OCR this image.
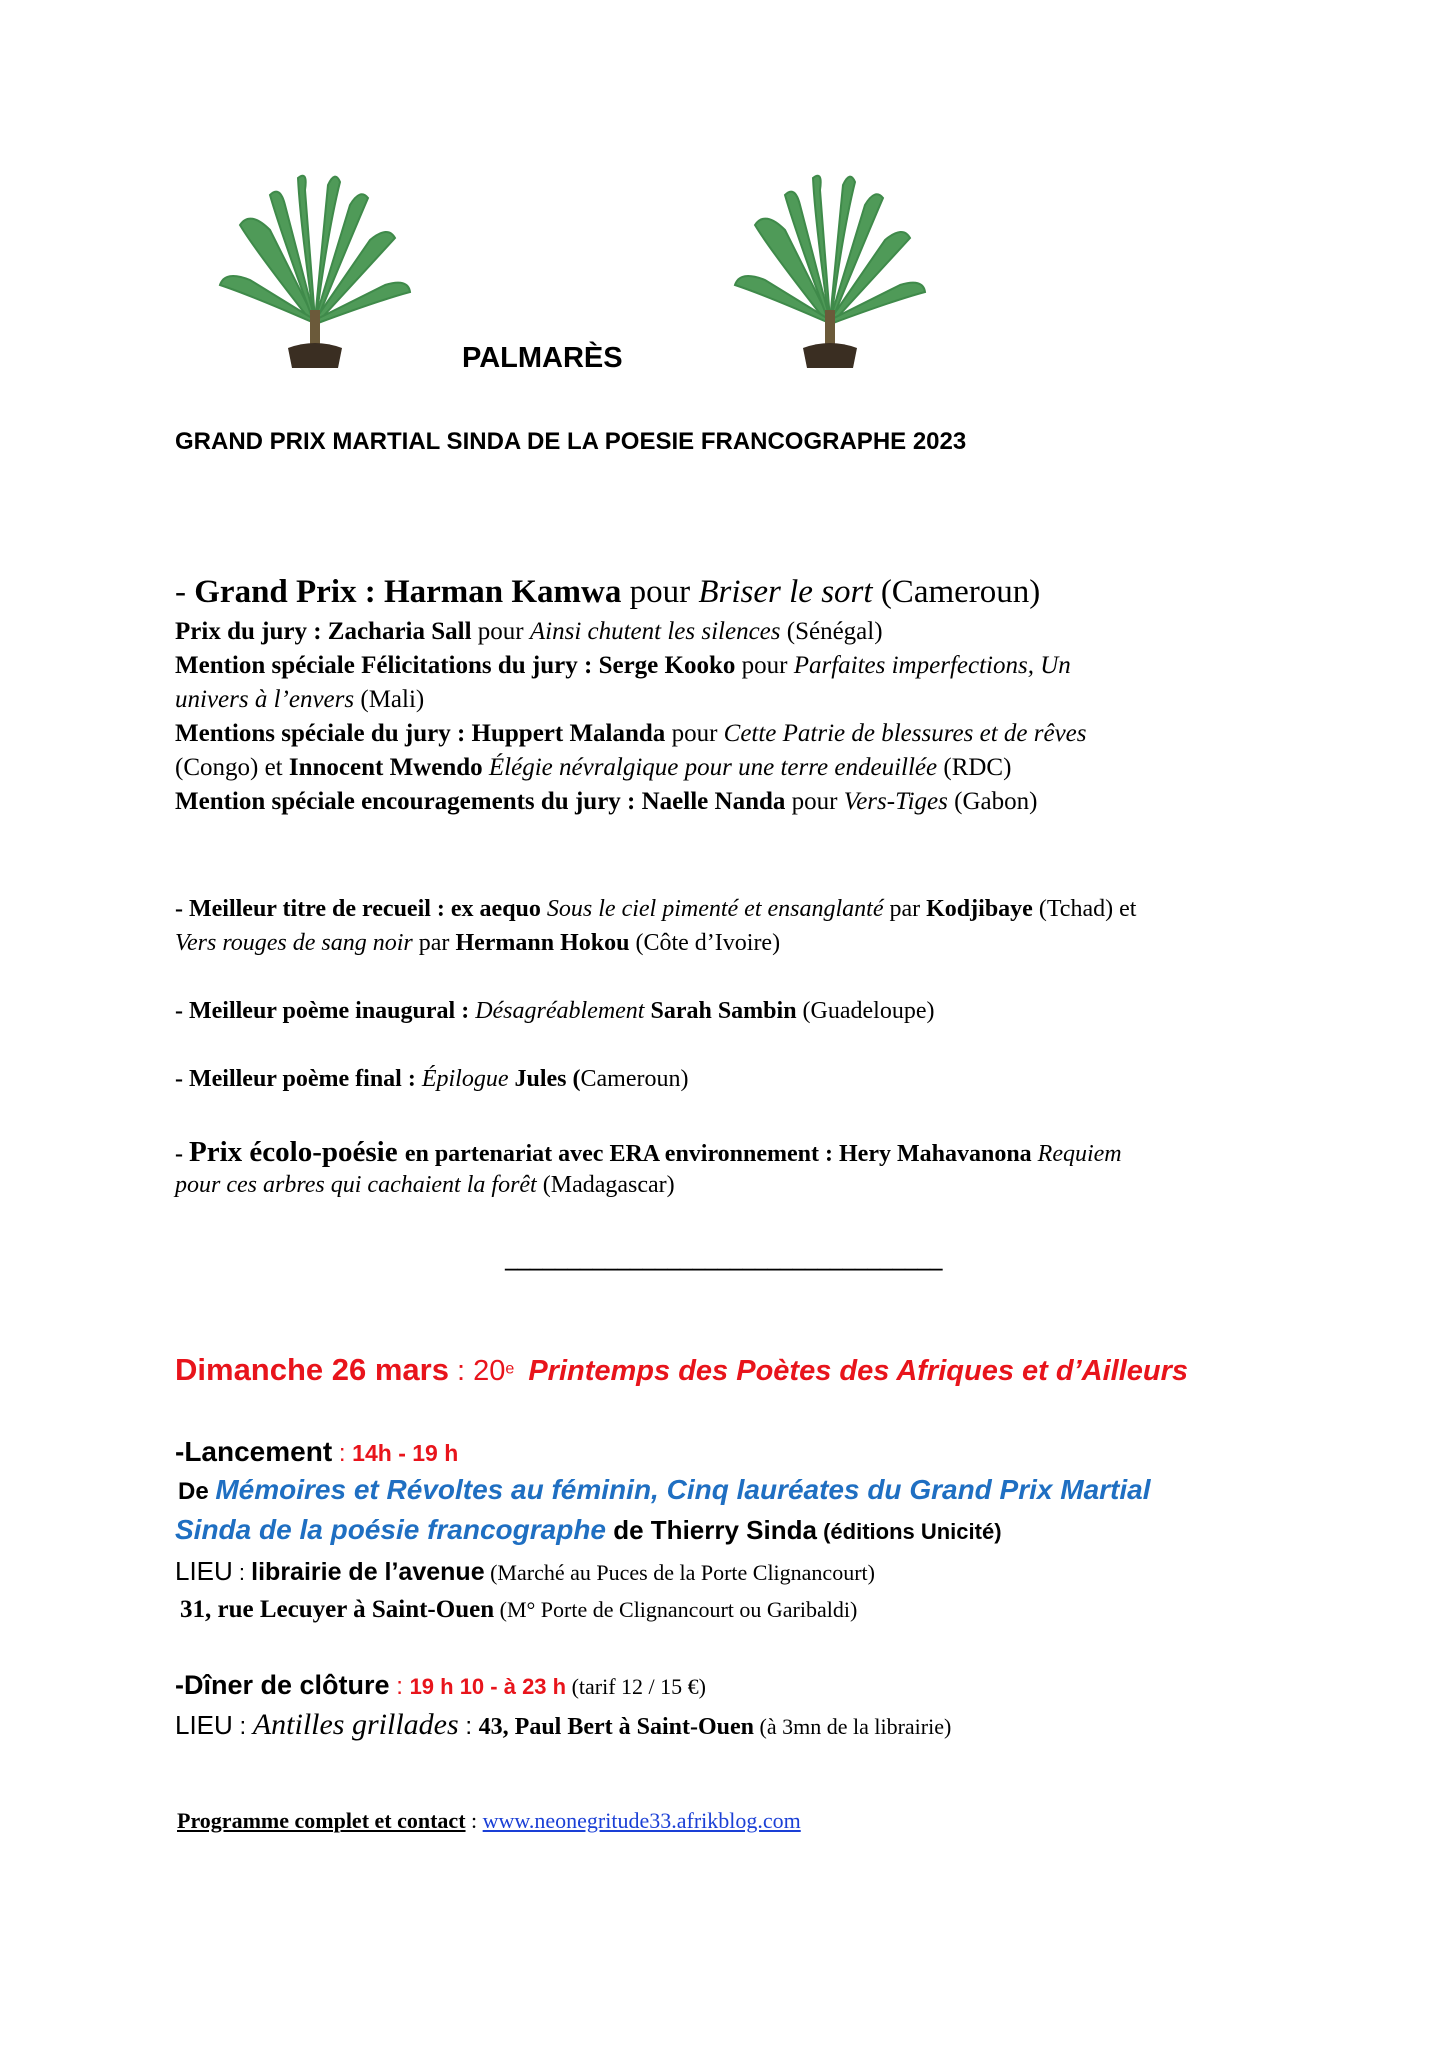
PALMARÈS
GRAND PRIX MARTIAL SINDA DE LA POESIE FRANCOGRAPHE 2023
- Grand Prix : Harman Kamwa pour Briser le sort (Cameroun)
Prix du jury : Zacharia Sall pour Ainsi chutent les silences (Sénégal)
Mention spéciale Félicitations du jury : Serge Kooko pour Parfaites imperfections, Un
univers à l’envers (Mali)
Mentions spéciale du jury : Huppert Malanda pour Cette Patrie de blessures et de rêves
(Congo) et Innocent Mwendo Élégie névralgique pour une terre endeuillée (RDC)
Mention spéciale encouragements du jury : Naelle Nanda pour Vers-Tiges (Gabon)
- Meilleur titre de recueil : ex aequo Sous le ciel pimenté et ensanglanté par Kodjibaye (Tchad) et
Vers rouges de sang noir par Hermann Hokou (Côte d’Ivoire)
- Meilleur poème inaugural : Désagréablement Sarah Sambin (Guadeloupe)
- Meilleur poème final : Épilogue Jules (Cameroun)
- Prix écolo-poésie en partenariat avec ERA environnement : Hery Mahavanona Requiem
pour ces arbres qui cachaient la forêt (Madagascar)
___________________________________
Dimanche 26 mars : 20e Printemps des Poètes des Afriques et d’Ailleurs
-Lancement : 14h - 19 h
De Mémoires et Révoltes au féminin, Cinq lauréates du Grand Prix Martial
Sinda de la poésie francographe de Thierry Sinda (éditions Unicité)
LIEU : librairie de l’avenue (Marché au Puces de la Porte Clignancourt)
31, rue Lecuyer à Saint-Ouen (M° Porte de Clignancourt ou Garibaldi)
-Dîner de clôture : 19 h 10 - à 23 h (tarif 12 / 15 €)
LIEU : Antilles grillades : 43, Paul Bert à Saint-Ouen (à 3mn de la librairie)
Programme complet et contact : www.neonegritude33.afrikblog.com
